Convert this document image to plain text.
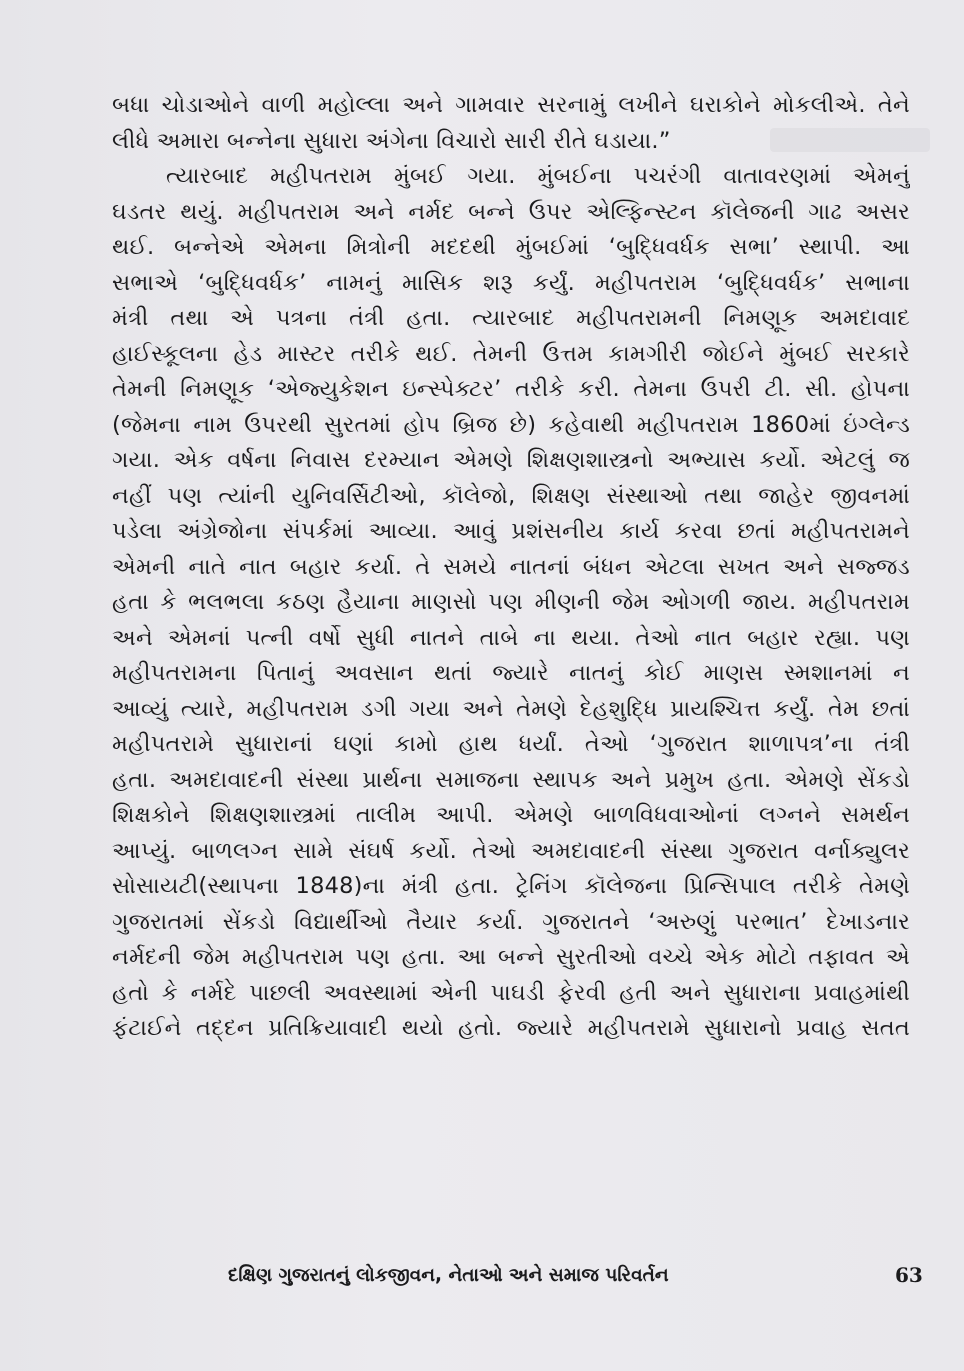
બધા ચોડાઓને વાળી મહોલ્લા અને ગામવાર સરનામું લખીને ઘરાકોને મોકલીએ. તેને
લીધે અમારા બન્નેના સુધારા અંગેના વિચારો સારી રીતે ઘડાયા.”
ત્યારબાદ મહીપતરામ મુંબઈ ગયા. મુંબઈના પચરંગી વાતાવરણમાં એમનું
ઘડતર થયું. મહીપતરામ અને નર્મદ બન્ને ઉપર એલ્ફિન્સ્ટન કૉલેજની ગાઢ અસર
થઈ. બન્નેએ એમના મિત્રોની મદદથી મુંબઈમાં ‘બુદ્ધિવર્ધક સભા’ સ્થાપી. આ
સભાએ ‘બુદ્ધિવર્ધક’ નામનું માસિક શરૂ કર્યું. મહીપતરામ ‘બુદ્ધિવર્ધક’ સભાના
મંત્રી તથા એ પત્રના તંત્રી હતા. ત્યારબાદ મહીપતરામની નિમણૂક અમદાવાદ
હાઈસ્કૂલના હેડ માસ્ટર તરીકે થઈ. તેમની ઉત્તમ કામગીરી જોઈને મુંબઈ સરકારે
તેમની નિમણૂક ‘એજ્યુકેશન ઇન્સ્પેક્ટર’ તરીકે કરી. તેમના ઉપરી ટી. સી. હોપના
(જેમના નામ ઉપરથી સુરતમાં હોપ બ્રિજ છે) કહેવાથી મહીપતરામ 1860માં ઇંગ્લેન્ડ
ગયા. એક વર્ષના નિવાસ દરમ્યાન એમણે શિક્ષણશાસ્ત્રનો અભ્યાસ કર્યો. એટલું જ
નહીં પણ ત્યાંની યુનિવર્સિટીઓ, કૉલેજો, શિક્ષણ સંસ્થાઓ તથા જાહેર જીવનમાં
પડેલા અંગ્રેજોના સંપર્કમાં આવ્યા. આવું પ્રશંસનીય કાર્ય કરવા છતાં મહીપતરામને
એમની નાતે નાત બહાર કર્યા. તે સમયે નાતનાં બંધન એટલા સખત અને સજ્જડ
હતા કે ભલભલા કઠણ હૈયાના માણસો પણ મીણની જેમ ઓગળી જાય. મહીપતરામ
અને એમનાં પત્ની વર્ષો સુધી નાતને તાબે ના થયા. તેઓ નાત બહાર રહ્યા. પણ
મહીપતરામના પિતાનું અવસાન થતાં જ્યારે નાતનું કોઈ માણસ સ્મશાનમાં ન
આવ્યું ત્યારે, મહીપતરામ ડગી ગયા અને તેમણે દેહશુદ્ધિ પ્રાયશ્ચિત્ત કર્યું. તેમ છતાં
મહીપતરામે સુધારાનાં ઘણાં કામો હાથ ધર્યાં. તેઓ ‘ગુજરાત શાળાપત્ર’ના તંત્રી
હતા. અમદાવાદની સંસ્થા પ્રાર્થના સમાજના સ્થાપક અને પ્રમુખ હતા. એમણે સેંકડો
શિક્ષકોને શિક્ષણશાસ્ત્રમાં તાલીમ આપી. એમણે બાળવિધવાઓનાં લગ્નને સમર્થન
આપ્યું. બાળલગ્ન સામે સંઘર્ષ કર્યો. તેઓ અમદાવાદની સંસ્થા ગુજરાત વર્નાક્યુલર
સોસાયટી(સ્થાપના 1848)ના મંત્રી હતા. ટ્રેનિંગ કૉલેજના પ્રિન્સિપાલ તરીકે તેમણે
ગુજરાતમાં સેંકડો વિદ્યાર્થીઓ તૈયાર કર્યા. ગુજરાતને ‘અરુણું પરભાત’ દેખાડનાર
નર્મદની જેમ મહીપતરામ પણ હતા. આ બન્ને સુરતીઓ વચ્ચે એક મોટો તફાવત એ
હતો કે નર્મદે પાછલી અવસ્થામાં એની પાઘડી ફેરવી હતી અને સુધારાના પ્રવાહમાંથી
ફંટાઈને તદ્દન પ્રતિક્રિયાવાદી થયો હતો. જ્યારે મહીપતરામે સુધારાનો પ્રવાહ સતત
દક્ષિણ ગુજરાતનું લોકજીવન, નેતાઓ અને સમાજ પરિવર્તન	63
